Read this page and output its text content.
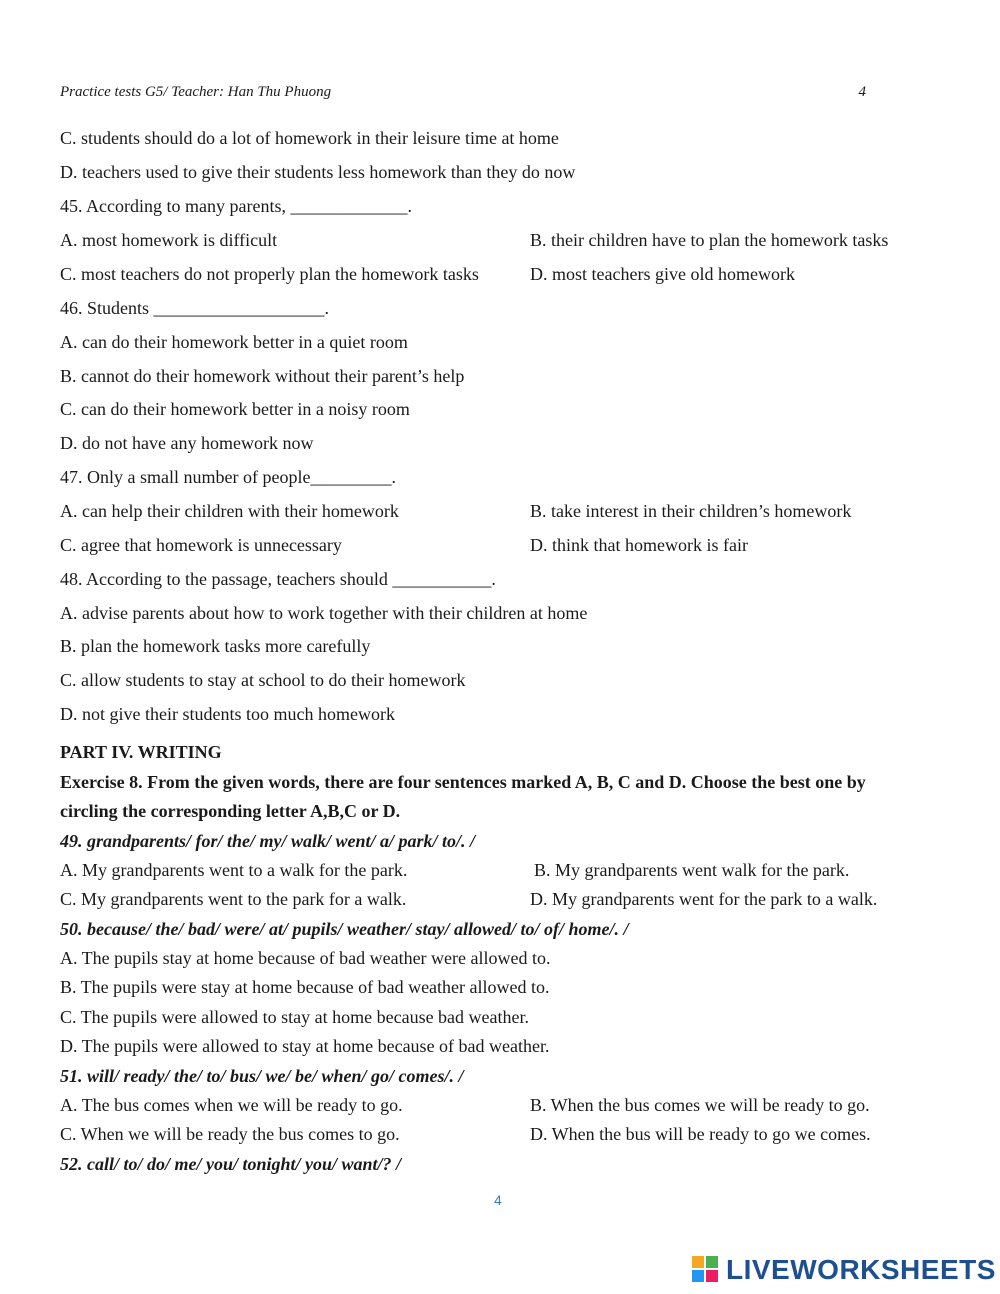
Practice tests G5/ Teacher: Han Thu Phuong	4
C. students should do a lot of homework in their leisure time at home
D. teachers used to give their students less homework than they do now
45. According to many parents, _____________.
A. most homework is difficult	B. their children have to plan the homework tasks
C. most teachers do not properly plan the homework tasks	D. most teachers give old homework
46. Students ___________________.
A. can do their homework better in a quiet room
B. cannot do their homework without their parent’s help
C. can do their homework better in a noisy room
D. do not have any homework now
47. Only a small number of people_________.
A. can help their children with their homework	B. take interest in their children’s homework
C. agree that homework is unnecessary	D. think that homework is fair
48. According to the passage, teachers should ___________.
A. advise parents about how to work together with their children at home
B. plan the homework tasks more carefully
C. allow students to stay at school to do their homework
D. not give their students too much homework
PART IV. WRITING
Exercise 8. From the given words, there are four sentences marked A, B, C and D. Choose the best one by
circling the corresponding letter A,B,C or D.
49. grandparents/ for/ the/ my/ walk/ went/ a/ park/ to/. /
A. My grandparents went to a walk for the park.	B. My grandparents went walk for the park.
C. My grandparents went to the park for a walk.	D. My grandparents went for the park to a walk.
50. because/ the/ bad/ were/ at/ pupils/ weather/ stay/ allowed/ to/ of/ home/. /
A. The pupils stay at home because of bad weather were allowed to.
B. The pupils were stay at home because of bad weather allowed to.
C. The pupils were allowed to stay at home because bad weather.
D. The pupils were allowed to stay at home because of bad weather.
51. will/ ready/ the/ to/ bus/ we/ be/ when/ go/ comes/. /
A. The bus comes when we will be ready to go.	B. When the bus comes we will be ready to go.
C. When we will be ready the bus comes to go.	D. When the bus will be ready to go we comes.
52. call/ to/ do/ me/ you/ tonight/ you/ want/? /
4
LIVEWORKSHEETS
